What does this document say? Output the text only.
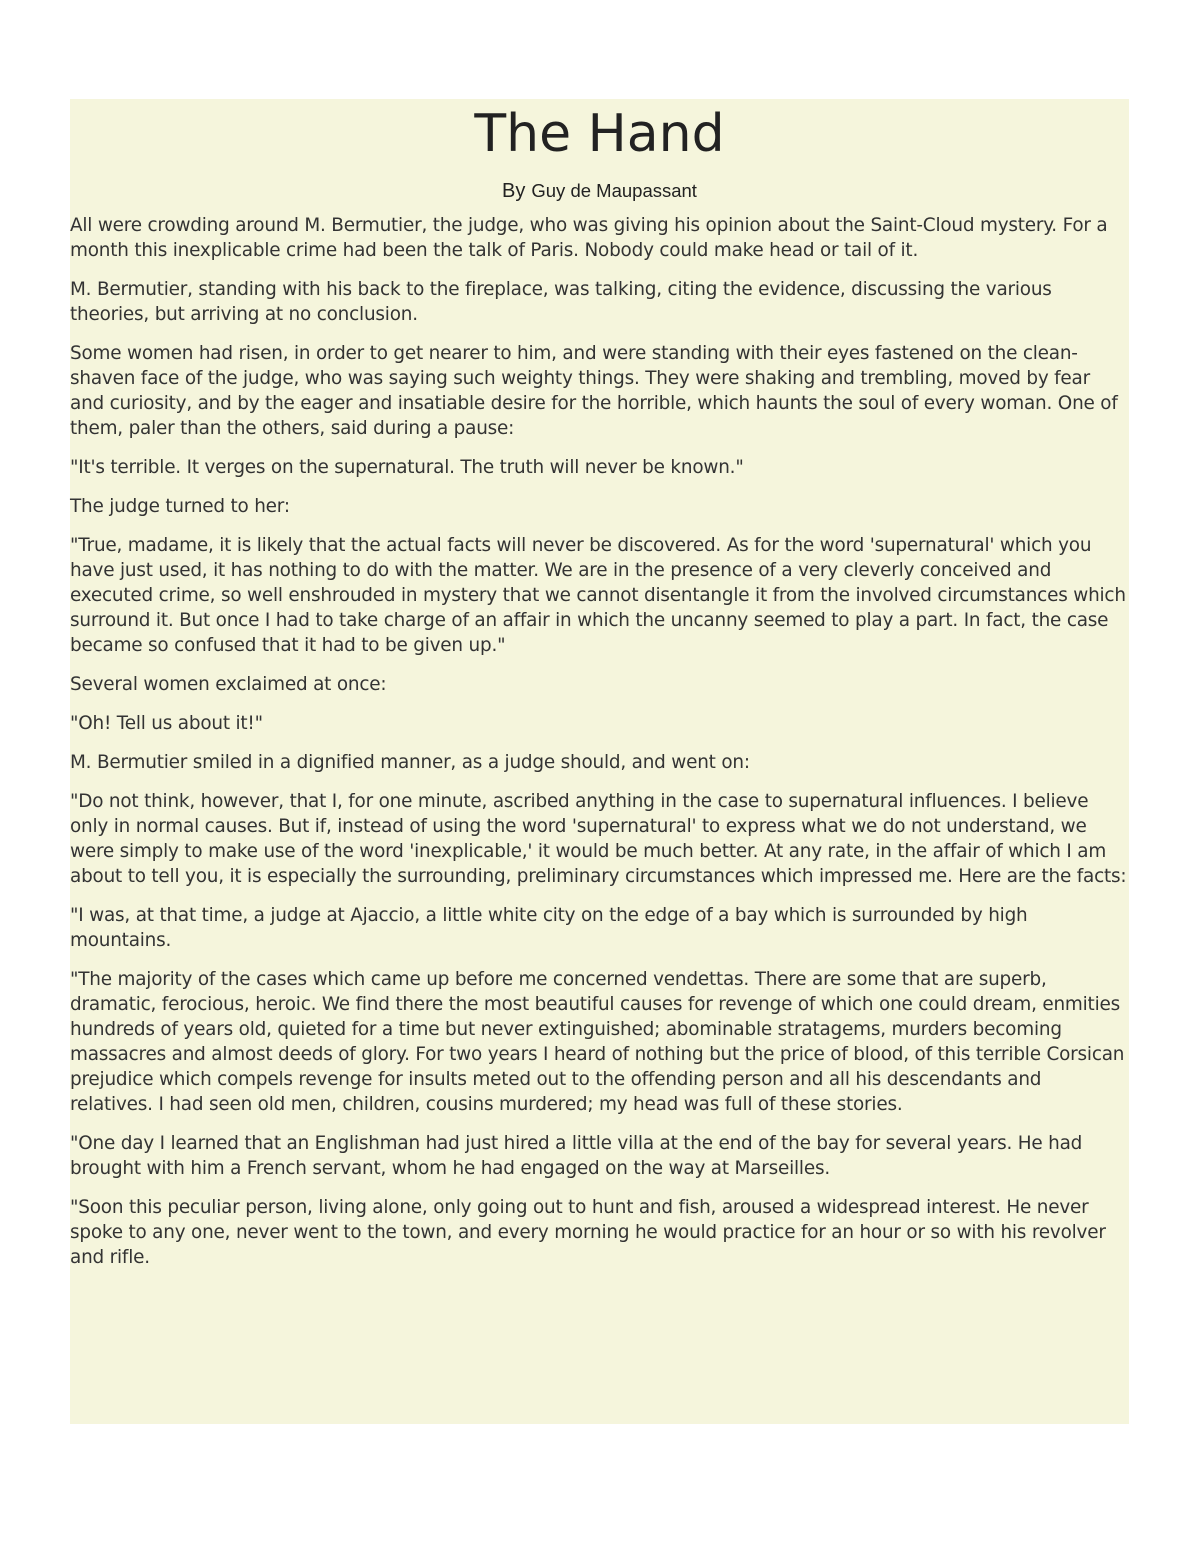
The Hand
By Guy de Maupassant

All were crowding around M. Bermutier, the judge, who was giving his opinion about the Saint-Cloud mystery. For a month this inexplicable crime had been the talk of Paris. Nobody could make head or tail of it.

M. Bermutier, standing with his back to the fireplace, was talking, citing the evidence, discussing the various theories, but arriving at no conclusion.

Some women had risen, in order to get nearer to him, and were standing with their eyes fastened on the clean-shaven face of the judge, who was saying such weighty things. They were shaking and trembling, moved by fear and curiosity, and by the eager and insatiable desire for the horrible, which haunts the soul of every woman. One of them, paler than the others, said during a pause:

"It's terrible. It verges on the supernatural. The truth will never be known."

The judge turned to her:

"True, madame, it is likely that the actual facts will never be discovered. As for the word 'supernatural' which you have just used, it has nothing to do with the matter. We are in the presence of a very cleverly conceived and executed crime, so well enshrouded in mystery that we cannot disentangle it from the involved circumstances which surround it. But once I had to take charge of an affair in which the uncanny seemed to play a part. In fact, the case became so confused that it had to be given up."

Several women exclaimed at once:

"Oh! Tell us about it!"

M. Bermutier smiled in a dignified manner, as a judge should, and went on:

"Do not think, however, that I, for one minute, ascribed anything in the case to supernatural influences. I believe only in normal causes. But if, instead of using the word 'supernatural' to express what we do not understand, we were simply to make use of the word 'inexplicable,' it would be much better. At any rate, in the affair of which I am about to tell you, it is especially the surrounding, preliminary circumstances which impressed me. Here are the facts:

"I was, at that time, a judge at Ajaccio, a little white city on the edge of a bay which is surrounded by high mountains.

"The majority of the cases which came up before me concerned vendettas. There are some that are superb, dramatic, ferocious, heroic. We find there the most beautiful causes for revenge of which one could dream, enmities hundreds of years old, quieted for a time but never extinguished; abominable stratagems, murders becoming massacres and almost deeds of glory. For two years I heard of nothing but the price of blood, of this terrible Corsican prejudice which compels revenge for insults meted out to the offending person and all his descendants and relatives. I had seen old men, children, cousins murdered; my head was full of these stories.

"One day I learned that an Englishman had just hired a little villa at the end of the bay for several years. He had brought with him a French servant, whom he had engaged on the way at Marseilles.

"Soon this peculiar person, living alone, only going out to hunt and fish, aroused a widespread interest. He never spoke to any one, never went to the town, and every morning he would practice for an hour or so with his revolver and rifle.
